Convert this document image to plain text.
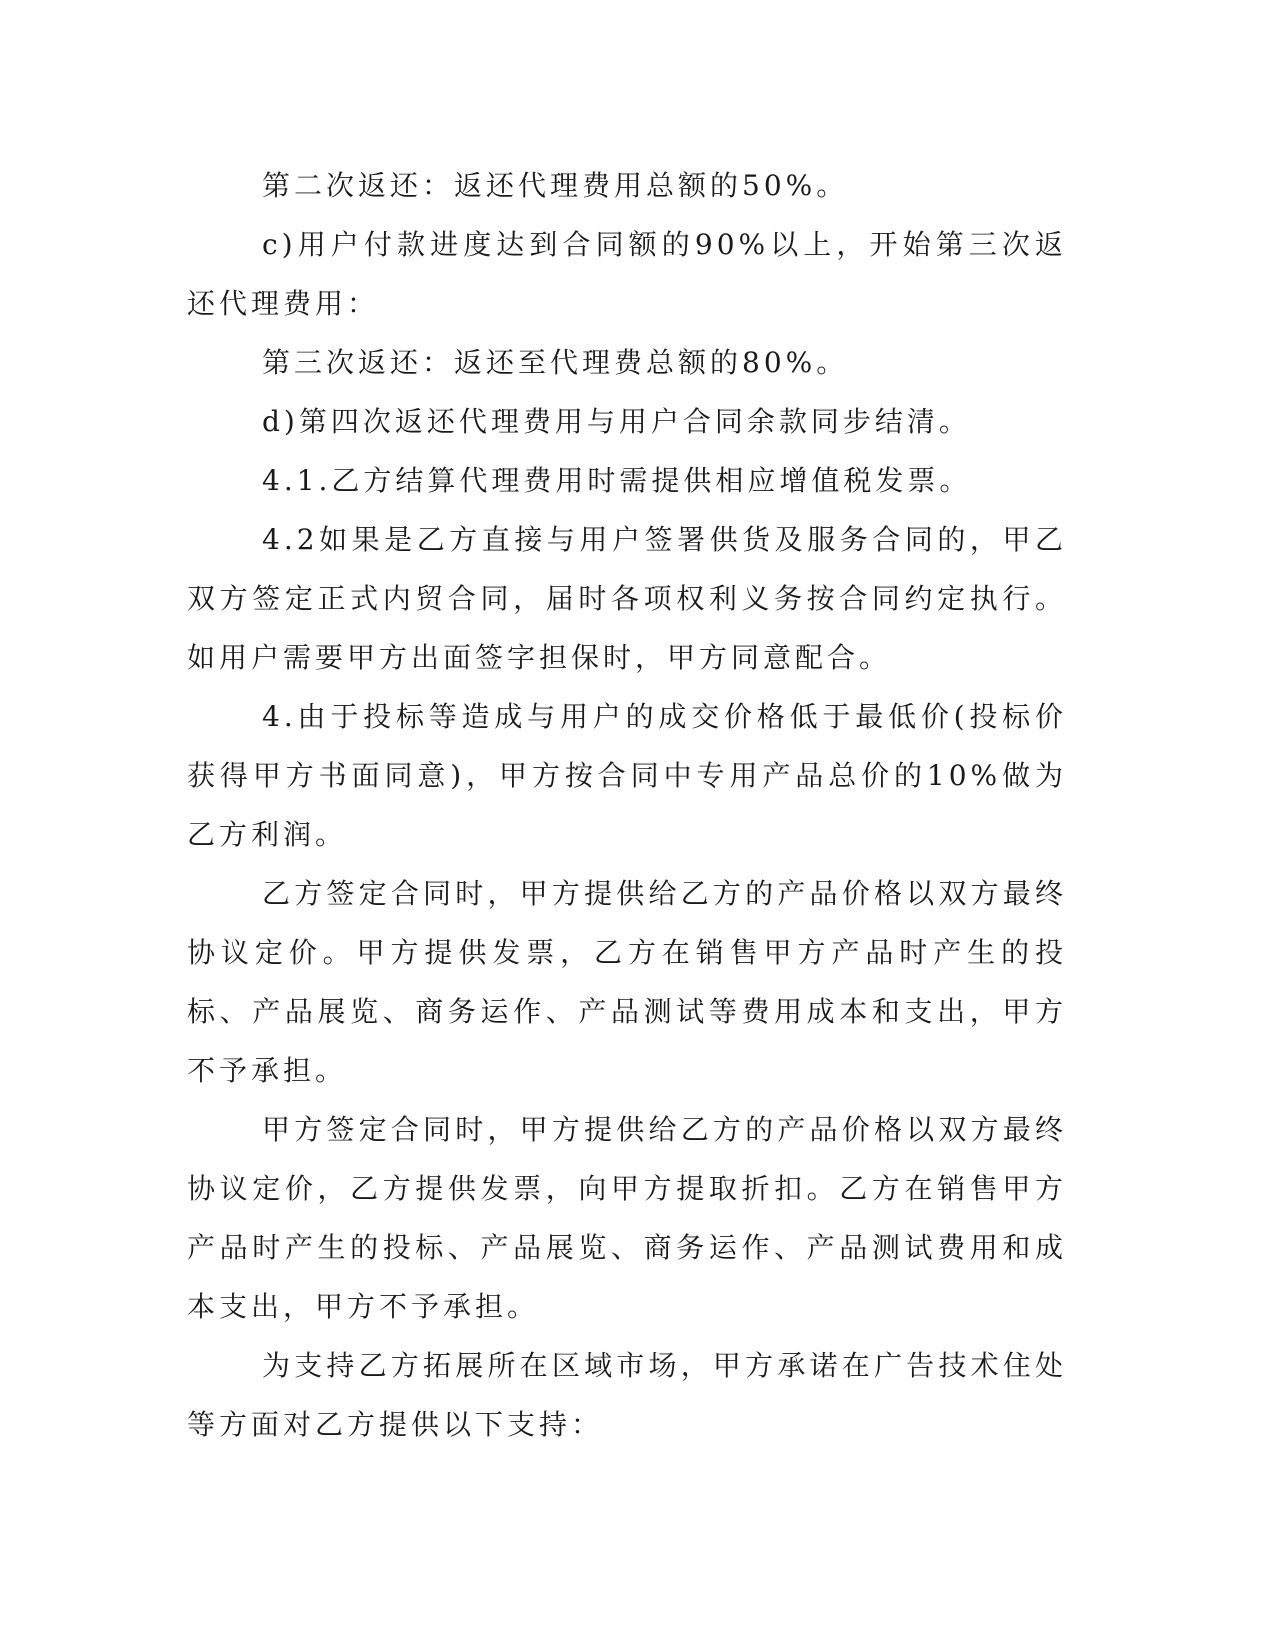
第二次返还：返还代理费用总额的50%。

c)用户付款进度达到合同额的90%以上，开始第三次返还代理费用：

第三次返还：返还至代理费总额的80%。

d)第四次返还代理费用与用户合同余款同步结清。

4.1.乙方结算代理费用时需提供相应增值税发票。

4.2如果是乙方直接与用户签署供货及服务合同的，甲乙双方签定正式内贸合同，届时各项权利义务按合同约定执行。如用户需要甲方出面签字担保时，甲方同意配合。

4.由于投标等造成与用户的成交价格低于最低价(投标价获得甲方书面同意)，甲方按合同中专用产品总价的10%做为乙方利润。

乙方签定合同时，甲方提供给乙方的产品价格以双方最终协议定价。甲方提供发票，乙方在销售甲方产品时产生的投标、产品展览、商务运作、产品测试等费用成本和支出，甲方不予承担。

甲方签定合同时，甲方提供给乙方的产品价格以双方最终协议定价，乙方提供发票，向甲方提取折扣。乙方在销售甲方产品时产生的投标、产品展览、商务运作、产品测试费用和成本支出，甲方不予承担。

为支持乙方拓展所在区域市场，甲方承诺在广告技术住处等方面对乙方提供以下支持：
